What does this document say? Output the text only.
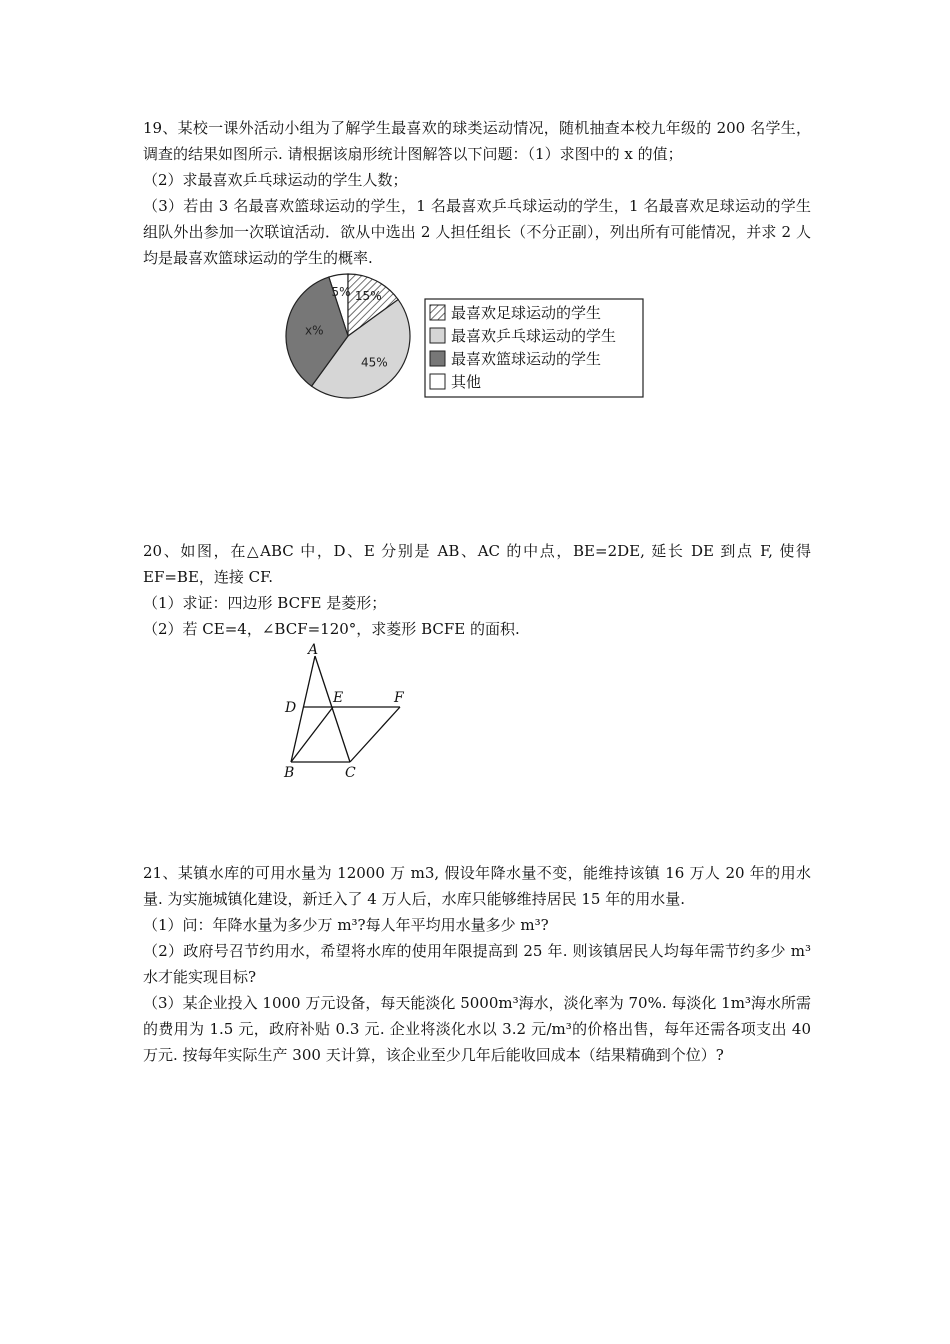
19、某校一课外活动小组为了解学生最喜欢的球类运动情况，随机抽查本校九年级的 200 名学生，调查的结果如图所示. 请根据该扇形统计图解答以下问题：（1）求图中的 x 的值；

（2）求最喜欢乒乓球运动的学生人数；

（3）若由 3 名最喜欢篮球运动的学生，1 名最喜欢乒乓球运动的学生，1 名最喜欢足球运动的学生组队外出参加一次联谊活动．欲从中选出 2 人担任组长（不分正副），列出所有可能情况，并求 2 人均是最喜欢篮球运动的学生的概率.

5% 15%
45%
x%
最喜欢足球运动的学生
最喜欢乒乓球运动的学生
最喜欢篮球运动的学生
其他

20、如图，在△ABC 中，D、E 分别是 AB、AC 的中点，BE=2DE, 延长 DE 到点 F, 使得 EF=BE，连接 CF.

（1）求证：四边形 BCFE 是菱形；

（2）若 CE=4，∠BCF=120°，求菱形 BCFE 的面积.

A
D
E	F
B	C

21、某镇水库的可用水量为 12000 万 m3, 假设年降水量不变，能维持该镇 16 万人 20 年的用水量. 为实施城镇化建设，新迁入了 4 万人后，水库只能够维持居民 15 年的用水量.

（1）问：年降水量为多少万 m³?每人年平均用水量多少 m³?

（2）政府号召节约用水，希望将水库的使用年限提高到 25 年. 则该镇居民人均每年需节约多少 m³水才能实现目标?

（3）某企业投入 1000 万元设备，每天能淡化 5000m³海水，淡化率为 70%. 每淡化 1m³海水所需的费用为 1.5 元，政府补贴 0.3 元. 企业将淡化水以 3.2 元/m³的价格出售，每年还需各项支出 40 万元. 按每年实际生产 300 天计算，该企业至少几年后能收回成本（结果精确到个位）?
